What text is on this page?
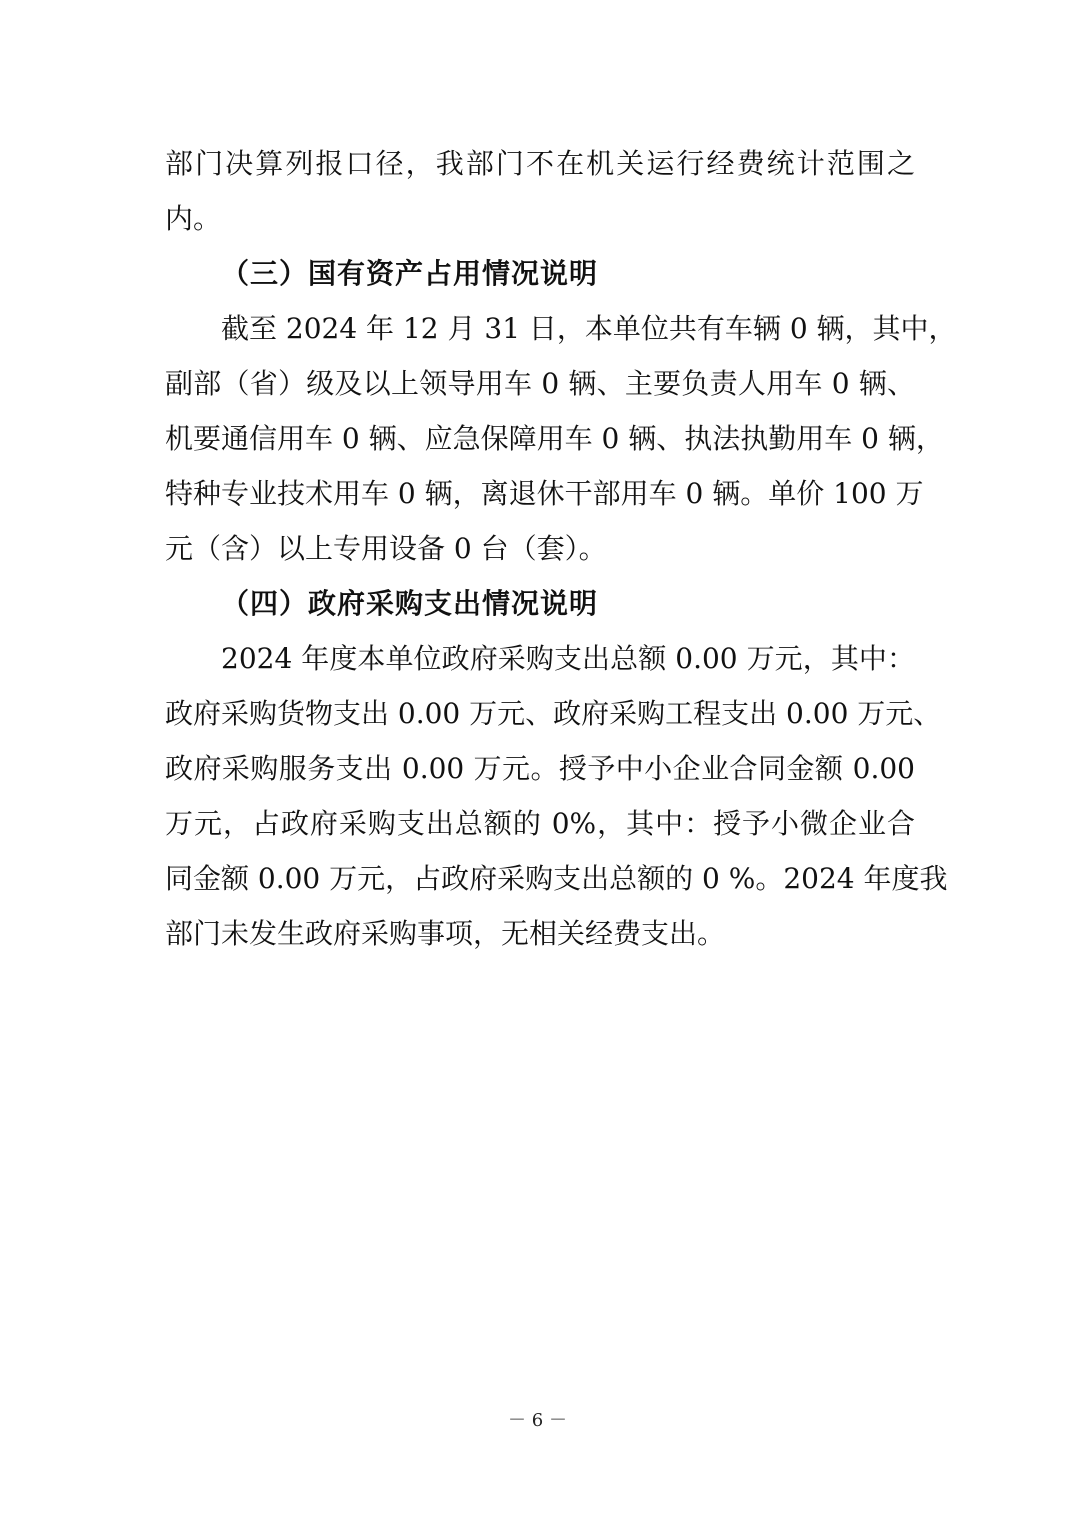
部门决算列报口径，我部门不在机关运行经费统计范围之
内。
（三）国有资产占用情况说明
截至 2024 年 12 月 31 日，本单位共有车辆 0 辆，其中，
副部（省）级及以上领导用车 0 辆、主要负责人用车 0 辆、
机要通信用车 0 辆、应急保障用车 0 辆、执法执勤用车 0 辆，
特种专业技术用车 0 辆，离退休干部用车 0 辆。单价 100 万
元（含）以上专用设备 0 台（套）。
（四）政府采购支出情况说明
2024 年度本单位政府采购支出总额 0.00 万元，其中：
政府采购货物支出 0.00 万元、政府采购工程支出 0.00 万元、
政府采购服务支出 0.00 万元。授予中小企业合同金额 0.00
万元，占政府采购支出总额的 0%，其中：授予小微企业合
同金额 0.00 万元，占政府采购支出总额的 0 %。2024 年度我
部门未发生政府采购事项，无相关经费支出。
－ 6 －
